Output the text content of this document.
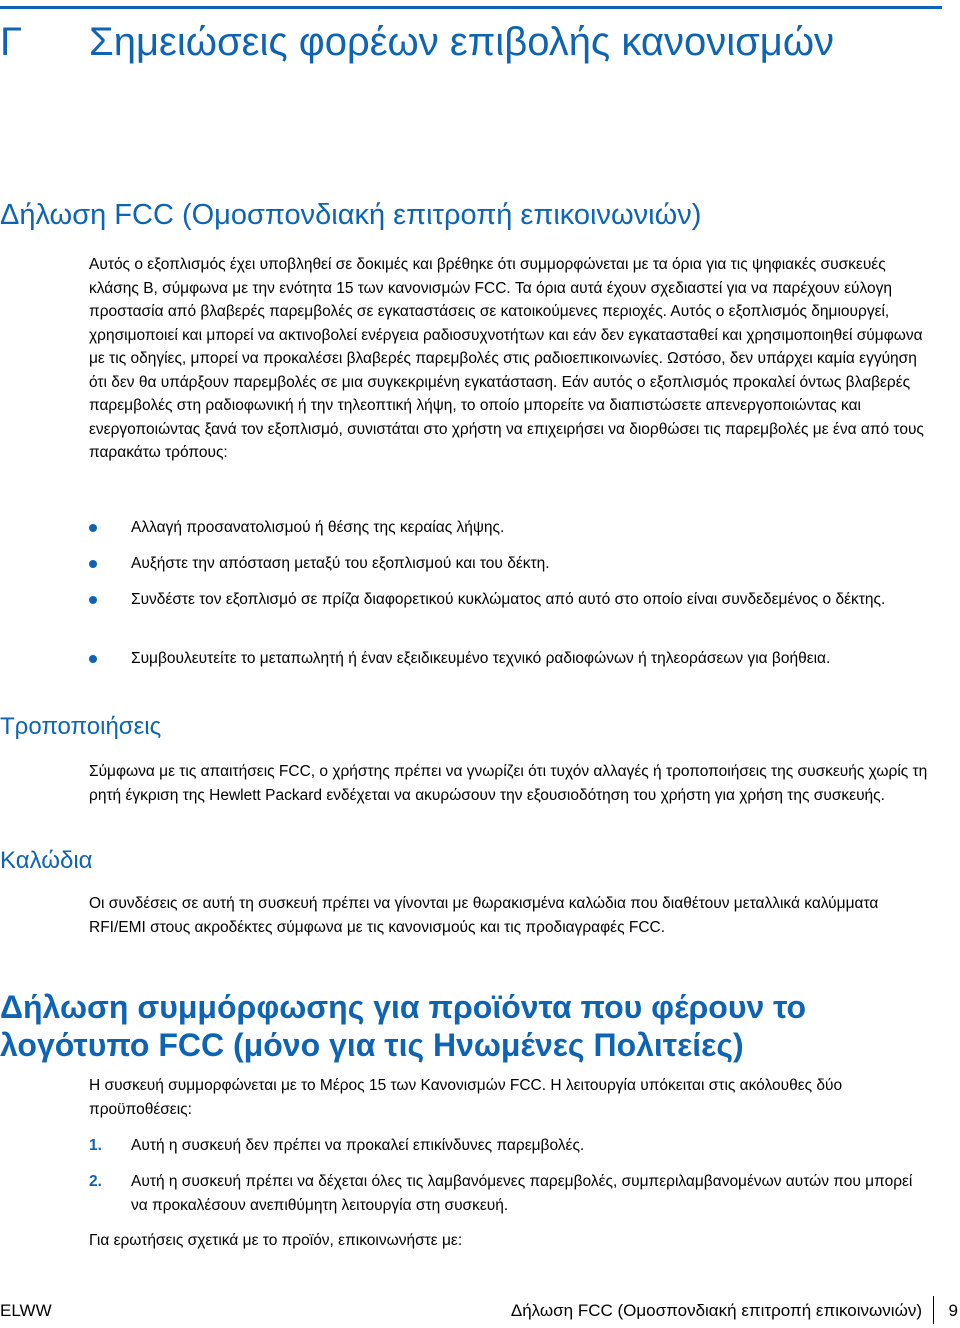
Γ Σημειώσεις φορέων επιβολής κανονισμών
Δήλωση FCC (Ομοσπονδιακή επιτροπή επικοινωνιών)

Αυτός ο εξοπλισμός έχει υποβληθεί σε δοκιμές και βρέθηκε ότι συμμορφώνεται με τα όρια για τις ψηφιακές συσκευές κλάσης Β, σύμφωνα με την ενότητα 15 των κανονισμών FCC. Τα όρια αυτά έχουν σχεδιαστεί για να παρέχουν εύλογη προστασία από βλαβερές παρεμβολές σε εγκαταστάσεις σε κατοικούμενες περιοχές. Αυτός ο εξοπλισμός δημιουργεί, χρησιμοποιεί και μπορεί να ακτινοβολεί ενέργεια ραδιοσυχνοτήτων και εάν δεν εγκατασταθεί και χρησιμοποιηθεί σύμφωνα με τις οδηγίες, μπορεί να προκαλέσει βλαβερές παρεμβολές στις ραδιοεπικοινωνίες. Ωστόσο, δεν υπάρχει καμία εγγύηση ότι δεν θα υπάρξουν παρεμβολές σε μια συγκεκριμένη εγκατάσταση. Εάν αυτός ο εξοπλισμός προκαλεί όντως βλαβερές παρεμβολές στη ραδιοφωνική ή την τηλεοπτική λήψη, το οποίο μπορείτε να διαπιστώσετε απενεργοποιώντας και ενεργοποιώντας ξανά τον εξοπλισμό, συνιστάται στο χρήστη να επιχειρήσει να διορθώσει τις παρεμβολές με ένα από τους παρακάτω τρόπους:

Αλλαγή προσανατολισμού ή θέσης της κεραίας λήψης.
Αυξήστε την απόσταση μεταξύ του εξοπλισμού και του δέκτη.
Συνδέστε τον εξοπλισμό σε πρίζα διαφορετικού κυκλώματος από αυτό στο οποίο είναι συνδεδεμένος ο δέκτης.
Συμβουλευτείτε το μεταπωλητή ή έναν εξειδικευμένο τεχνικό ραδιοφώνων ή τηλεοράσεων για βοήθεια.
Τροποποιήσεις

Σύμφωνα με τις απαιτήσεις FCC, ο χρήστης πρέπει να γνωρίζει ότι τυχόν αλλαγές ή τροποποιήσεις της συσκευής χωρίς τη ρητή έγκριση της Hewlett Packard ενδέχεται να ακυρώσουν την εξουσιοδότηση του χρήστη για χρήση της συσκευής.

Καλώδια

Οι συνδέσεις σε αυτή τη συσκευή πρέπει να γίνονται με θωρακισμένα καλώδια που διαθέτουν μεταλλικά καλύμματα RFI/EMI στους ακροδέκτες σύμφωνα με τις κανονισμούς και τις προδιαγραφές FCC.

Δήλωση συμμόρφωσης για προϊόντα που φέρουν το λογότυπο FCC (μόνο για τις Ηνωμένες Πολιτείες)

Η συσκευή συμμορφώνεται με το Μέρος 15 των Κανονισμών FCC. Η λειτουργία υπόκειται στις ακόλουθες δύο προϋποθέσεις:

1. Αυτή η συσκευή δεν πρέπει να προκαλεί επικίνδυνες παρεμβολές.
2. Αυτή η συσκευή πρέπει να δέχεται όλες τις λαμβανόμενες παρεμβολές, συμπεριλαμβανομένων αυτών που μπορεί να προκαλέσουν ανεπιθύμητη λειτουργία στη συσκευή.

Για ερωτήσεις σχετικά με το προϊόν, επικοινωνήστε με:

ELWW	Δήλωση FCC (Ομοσπονδιακή επιτροπή επικοινωνιών) 9
